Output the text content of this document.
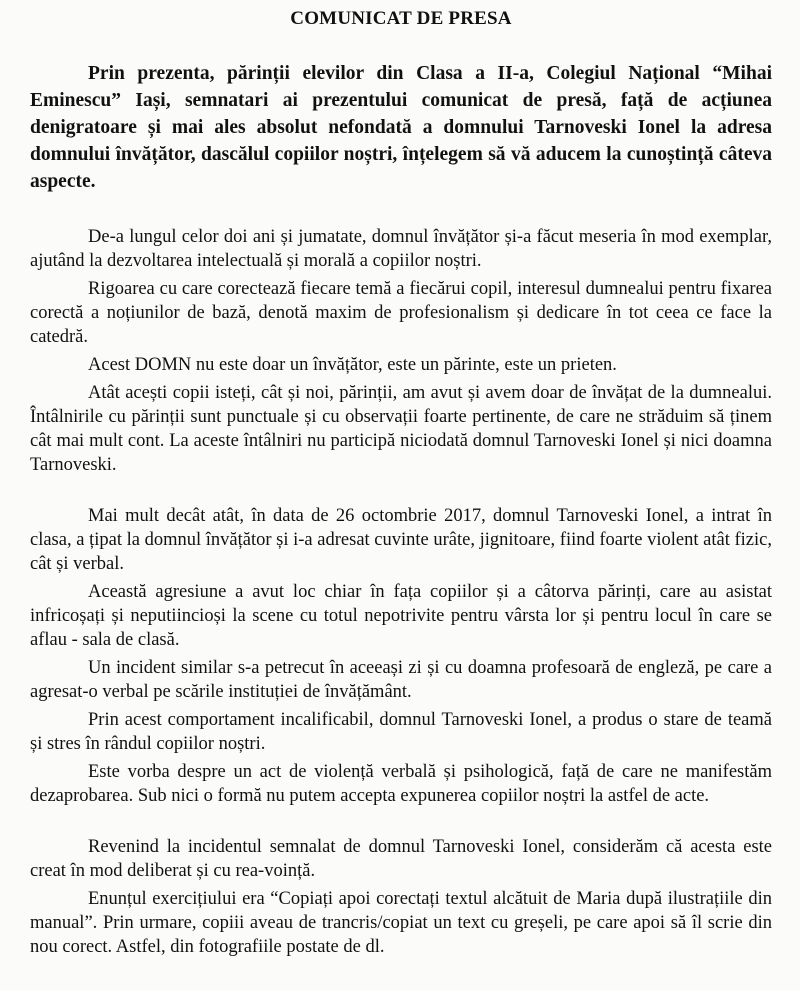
COMUNICAT DE PRESA
Prin prezenta, părinții elevilor din Clasa a II-a, Colegiul Național “Mihai Eminescu” Iași, semnatari ai prezentului comunicat de presă, față de acțiunea denigratoare și mai ales absolut nefondată a domnului Tarnoveski Ionel la adresa domnului învățător, dascălul copiilor noștri, înțelegem să vă aducem la cunoștință câteva aspecte.

De-a lungul celor doi ani și jumatate, domnul învățător și-a făcut meseria în mod exemplar, ajutând la dezvoltarea intelectuală și morală a copiilor noștri.

Rigoarea cu care corectează fiecare temă a fiecărui copil, interesul dumnealui pentru fixarea corectă a noțiunilor de bază, denotă maxim de profesionalism și dedicare în tot ceea ce face la catedră.

Acest DOMN nu este doar un învățător, este un părinte, este un prieten.

Atât acești copii isteți, cât și noi, părinții, am avut și avem doar de învățat de la dumnealui. Întâlnirile cu părinții sunt punctuale și cu observații foarte pertinente, de care ne străduim să ținem cât mai mult cont. La aceste întâlniri nu participă niciodată domnul Tarnoveski Ionel și nici doamna Tarnoveski.

Mai mult decât atât, în data de 26 octombrie 2017, domnul Tarnoveski Ionel, a intrat în clasa, a țipat la domnul învățător și i-a adresat cuvinte urâte, jignitoare, fiind foarte violent atât fizic, cât și verbal.

Această agresiune a avut loc chiar în fața copiilor și a câtorva părinți, care au asistat infricoșați și neputiincioși la scene cu totul nepotrivite pentru vârsta lor și pentru locul în care se aflau - sala de clasă.

Un incident similar s-a petrecut în aceeași zi și cu doamna profesoară de engleză, pe care a agresat-o verbal pe scările instituției de învățământ.

Prin acest comportament incalificabil, domnul Tarnoveski Ionel, a produs o stare de teamă și stres în rândul copiilor noștri.

Este vorba despre un act de violență verbală și psihologică, față de care ne manifestăm dezaprobarea. Sub nici o formă nu putem accepta expunerea copiilor noștri la astfel de acte.

Revenind la incidentul semnalat de domnul Tarnoveski Ionel, considerăm că acesta este creat în mod deliberat și cu rea-voință.

Enunțul exercițiului era “Copiați apoi corectați textul alcătuit de Maria după ilustrațiile din manual”. Prin urmare, copiii aveau de trancris/copiat un text cu greșeli, pe care apoi să îl scrie din nou corect. Astfel, din fotografiile postate de dl.
